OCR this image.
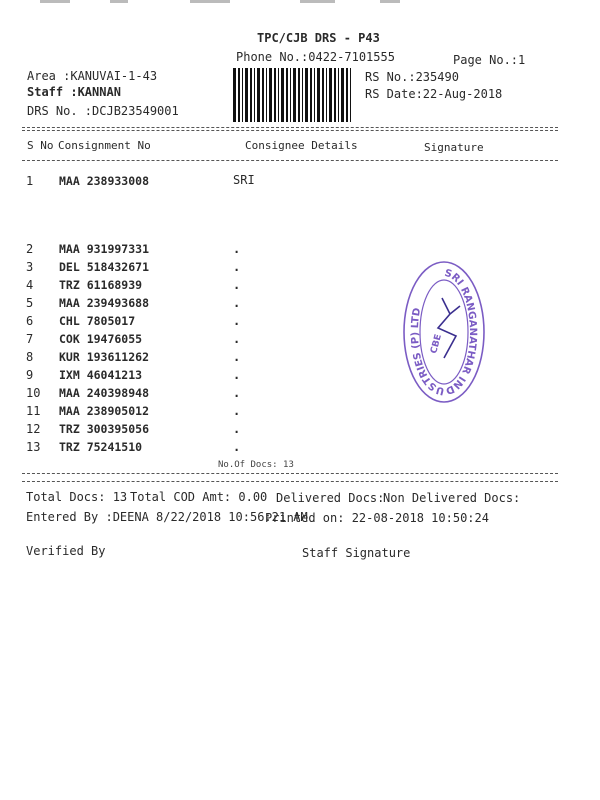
TPC/CJB DRS - P43
Phone No.:0422-7101555	Page No.:1
Area :KANUVAI-1-43
Staff :KANNAN
DRS No. :DCJB23549001
RS No.:235490
RS Date:22-Aug-2018
S No Consignment No	Consignee Details	Signature
1 MAA 238933008	SRI
2 MAA 931997331	.
3 DEL 518432671	.
4 TRZ 61168939	.
5 MAA 239493688	.
6 CHL 7805017	.
7 COK 19476055	.
8 KUR 193611262	.
9 IXM 46041213	.
10 MAA 240398948	.
11 MAA 238905012	.
12 TRZ 300395056	.
13 TRZ 75241510	.
No.Of Docs: 13
SRI RANGANATHAR INDUSTRIES (P) LTD
CBE
Total Docs: 13 Total COD Amt: 0.00 Delivered Docs:
Non Delivered Docs:
Entered By :DEENA 8/22/2018 10:56:21 AM
Printed on: 22-08-2018 10:50:24
Verified By	Staff Signature
